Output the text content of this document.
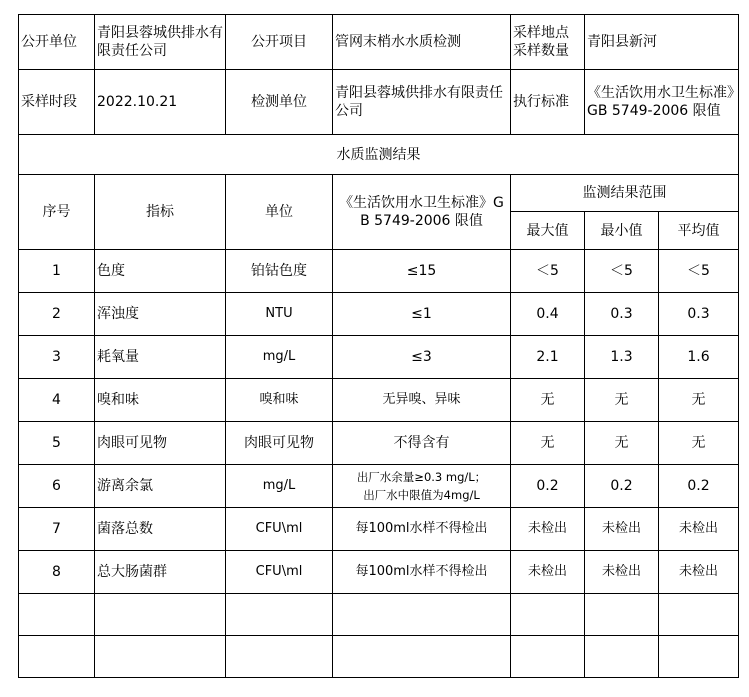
公开单位	青阳县蓉城供排水有限责任公司	公开项目	管网末梢水水质检测	采样地点采样数量	青阳县新河	
采样时段	2022.10.21	检测单位	青阳县蓉城供排水有限责任公司	执行标准	《生活饮用水卫生标准》GB 5749-2006 限值	
水质监测结果						
序号	指标	单位	《生活饮用水卫生标准》GB 5749-2006 限值	监测结果范围		
				最大值	最小值	平均值
1	色度	铂钴色度	≤15	＜5	＜5	＜5
2	浑浊度	NTU	≤1	0.4	0.3	0.3
3	耗氧量	mg/L	≤3	2.1	1.3	1.6
4	嗅和味	嗅和味	无异嗅、异味	无	无	无
5	肉眼可见物	肉眼可见物	不得含有	无	无	无
6	游离余氯	mg/L	出厂水余量≥0.3 mg/L；
出厂水中限值为4mg/L	0.2	0.2	0.2
7	菌落总数	CFU\ml	每100ml水样不得检出	未检出	未检出	未检出
8	总大肠菌群	CFU\ml	每100ml水样不得检出	未检出	未检出	未检出
